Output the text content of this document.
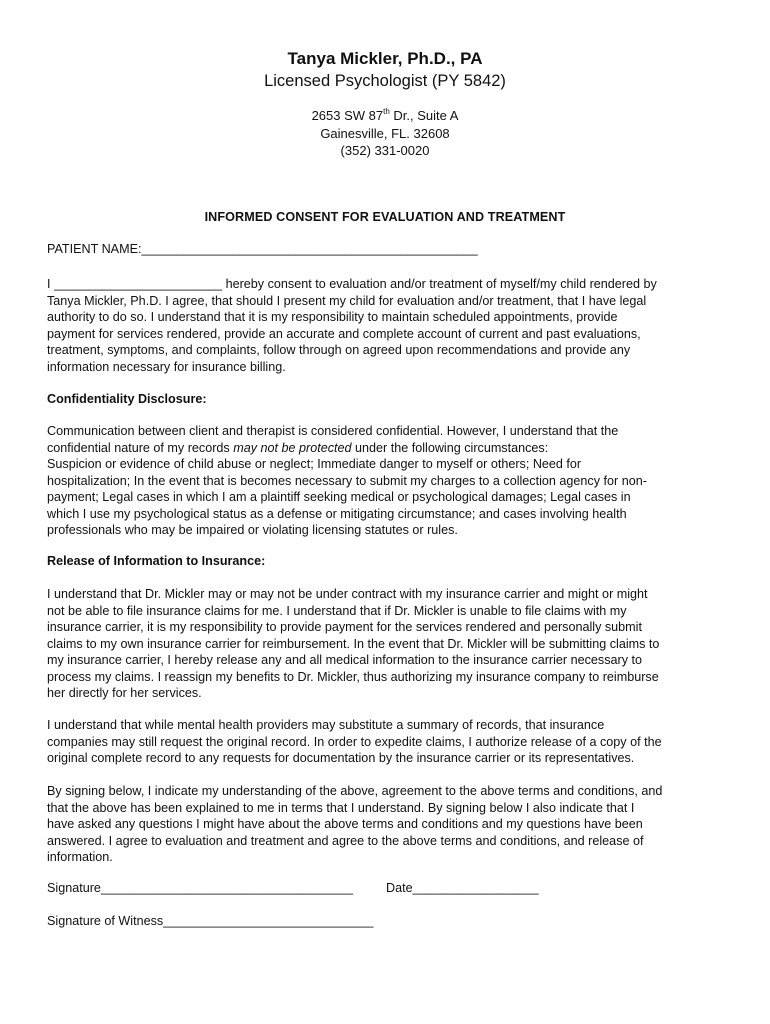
Tanya Mickler, Ph.D., PA
Licensed Psychologist (PY 5842)
2653 SW 87th Dr., Suite A
Gainesville, FL. 32608
(352) 331-0020
INFORMED CONSENT FOR EVALUATION AND TREATMENT
PATIENT NAME:________________________________________________
I ________________________ hereby consent to evaluation and/or treatment of myself/my child rendered by
Tanya Mickler, Ph.D. I agree, that should I present my child for evaluation and/or treatment, that I have legal
authority to do so. I understand that it is my responsibility to maintain scheduled appointments, provide
payment for services rendered, provide an accurate and complete account of current and past evaluations,
treatment, symptoms, and complaints, follow through on agreed upon recommendations and provide any
information necessary for insurance billing.
Confidentiality Disclosure:
Communication between client and therapist is considered confidential. However, I understand that the
confidential nature of my records may not be protected under the following circumstances:
Suspicion or evidence of child abuse or neglect; Immediate danger to myself or others; Need for
hospitalization; In the event that is becomes necessary to submit my charges to a collection agency for non-
payment; Legal cases in which I am a plaintiff seeking medical or psychological damages; Legal cases in
which I use my psychological status as a defense or mitigating circumstance; and cases involving health
professionals who may be impaired or violating licensing statutes or rules.
Release of Information to Insurance:
I understand that Dr. Mickler may or may not be under contract with my insurance carrier and might or might
not be able to file insurance claims for me. I understand that if Dr. Mickler is unable to file claims with my
insurance carrier, it is my responsibility to provide payment for the services rendered and personally submit
claims to my own insurance carrier for reimbursement. In the event that Dr. Mickler will be submitting claims to
my insurance carrier, I hereby release any and all medical information to the insurance carrier necessary to
process my claims. I reassign my benefits to Dr. Mickler, thus authorizing my insurance company to reimburse
her directly for her services.
I understand that while mental health providers may substitute a summary of records, that insurance
companies may still request the original record. In order to expedite claims, I authorize release of a copy of the
original complete record to any requests for documentation by the insurance carrier or its representatives.
By signing below, I indicate my understanding of the above, agreement to the above terms and conditions, and
that the above has been explained to me in terms that I understand. By signing below I also indicate that I
have asked any questions I might have about the above terms and conditions and my questions have been
answered. I agree to evaluation and treatment and agree to the above terms and conditions, and release of
information.
Signature____________________________________	Date__________________
Signature of Witness______________________________
